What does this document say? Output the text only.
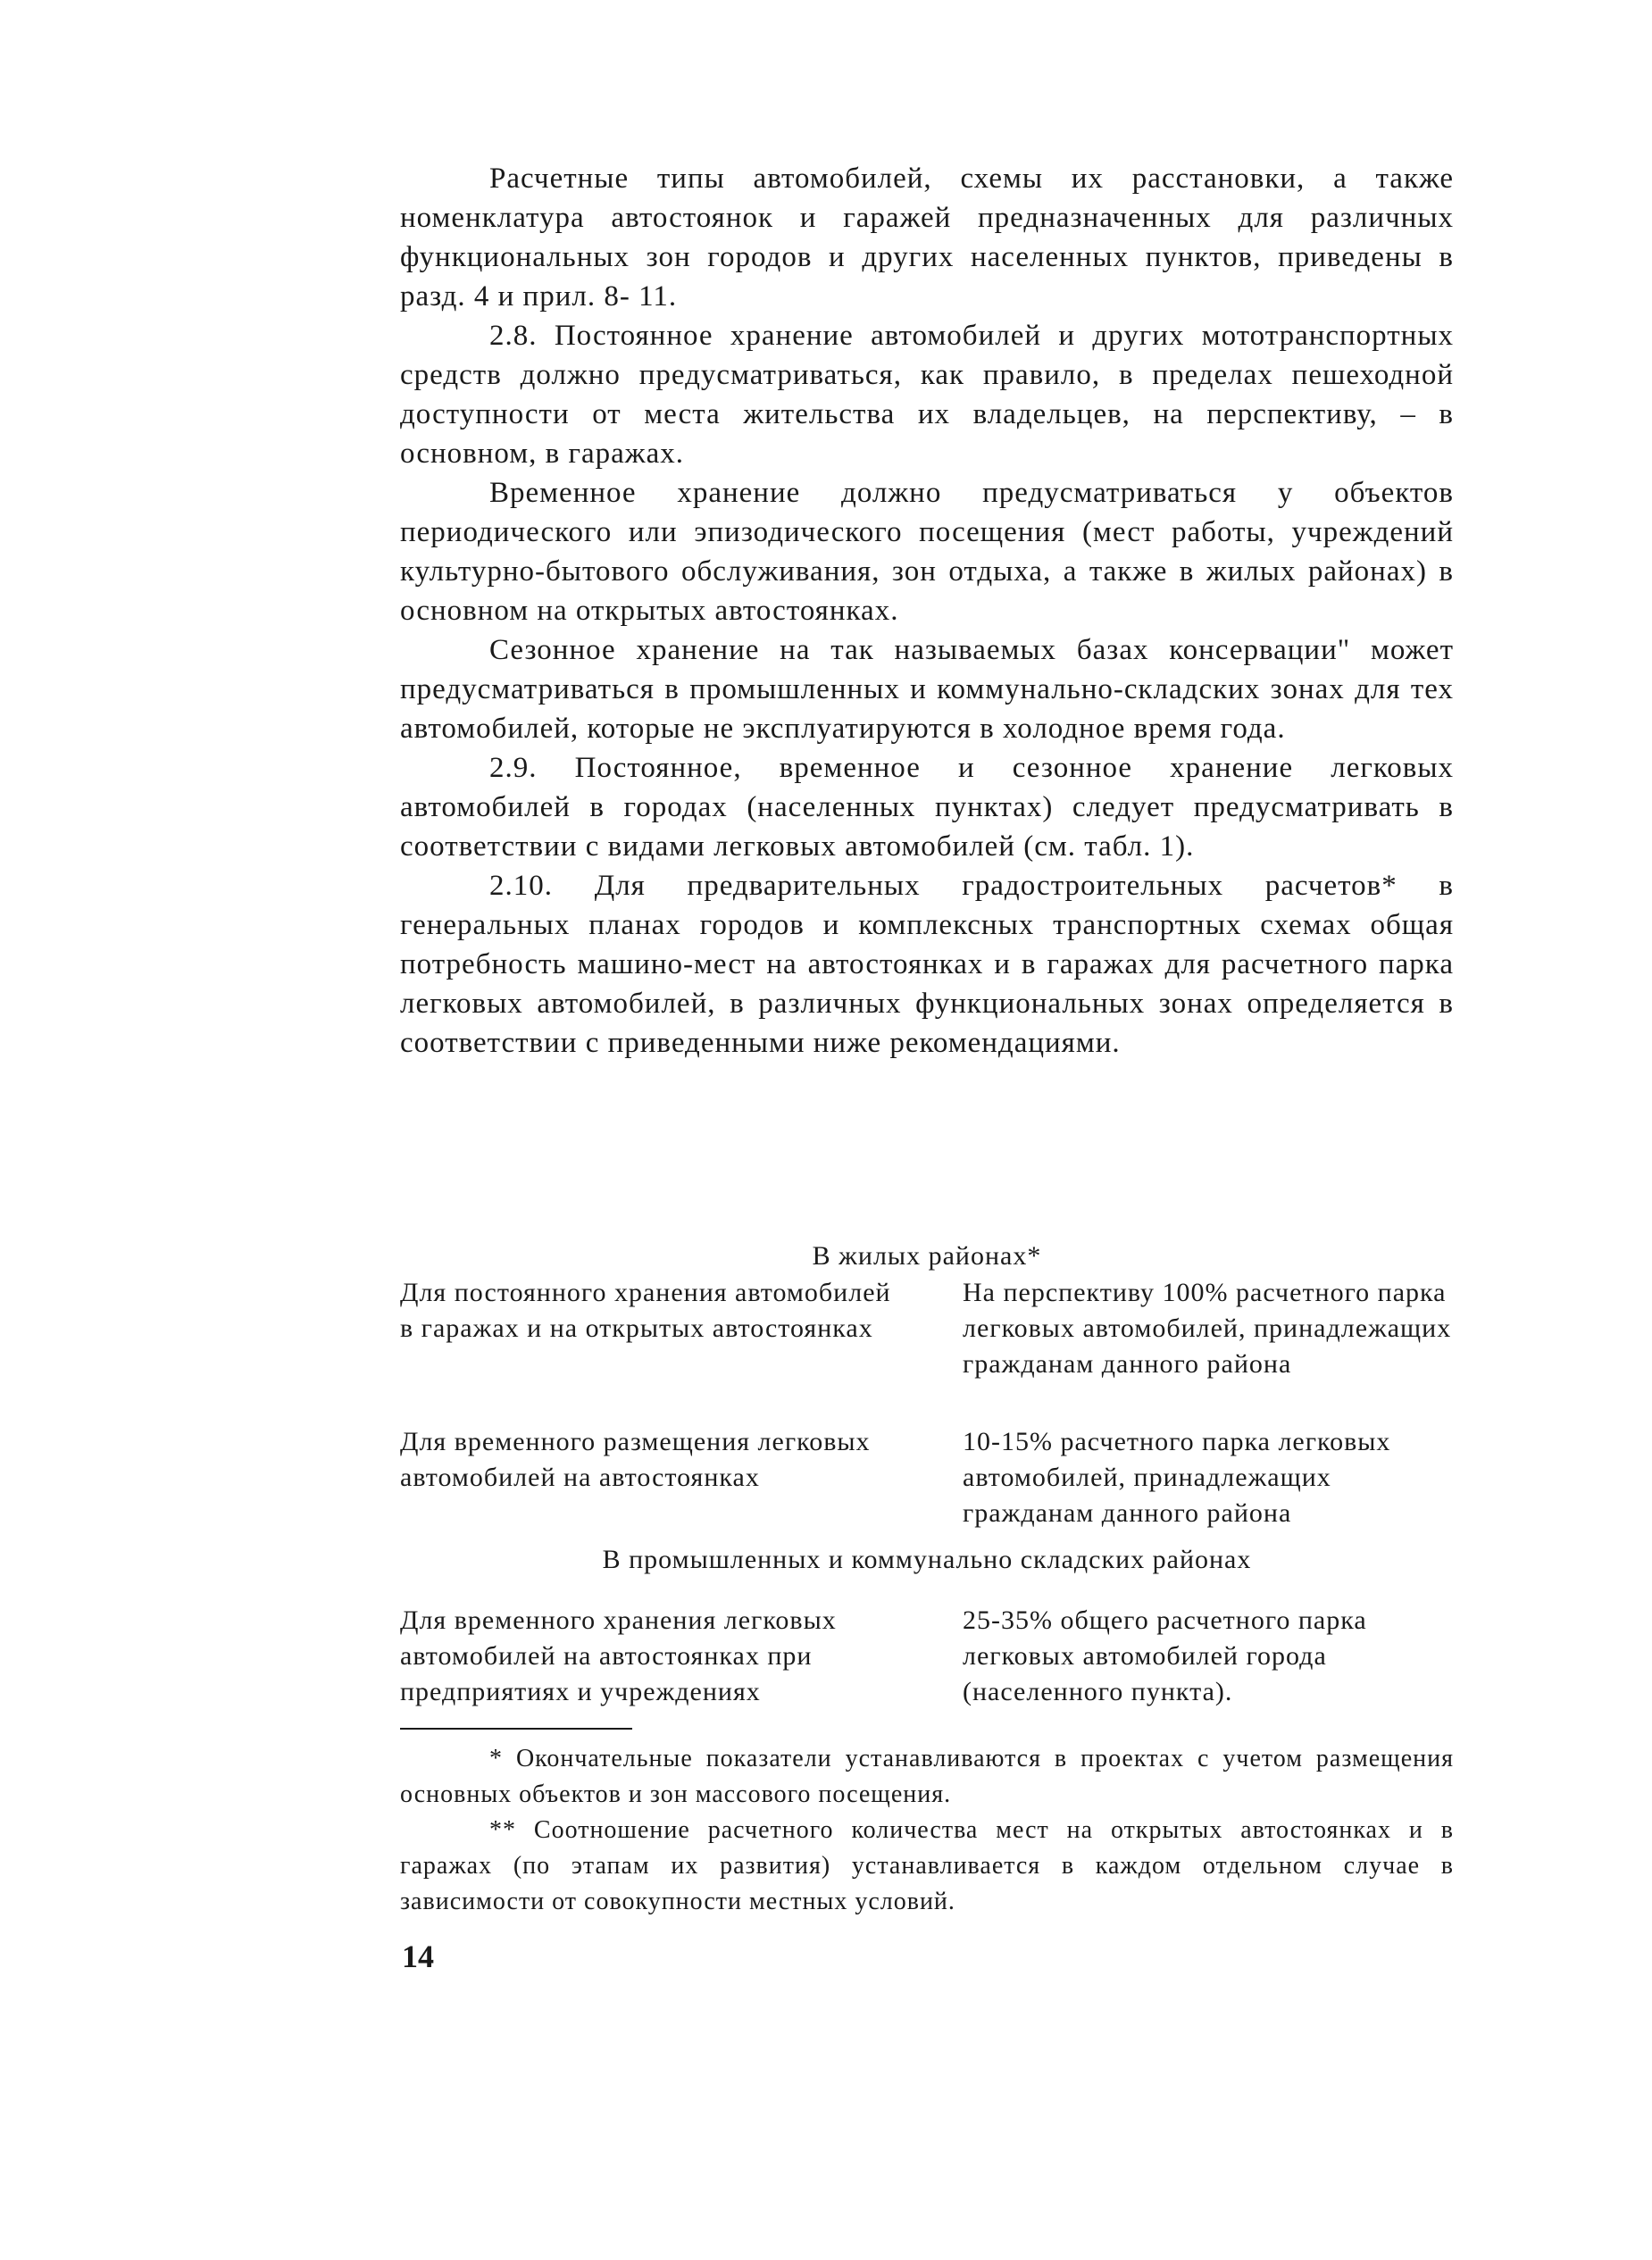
Расчетные типы автомобилей, схемы их расстановки, а также номенклатура автостоянок и гаражей предназначенных для различных функциональных зон городов и других населенных пунктов, приведены в разд. 4 и прил. 8- 11.

2.8. Постоянное хранение автомобилей и других мототранспортных средств должно предусматриваться, как правило, в пределах пешеходной доступности от места жительства их владельцев, на перспективу, – в основном, в гаражах.

Временное хранение должно предусматриваться у объектов периодического или эпизодического посещения (мест работы, учреждений культурно-бытового обслуживания, зон отдыха, а также в жилых районах) в основном на открытых автостоянках.

Сезонное хранение на так называемых базах консервации" может предусматриваться в промышленных и коммунально-складских зонах для тех автомобилей, которые не эксплуатируются в холодное время года.

2.9. Постоянное, временное и сезонное хранение легковых автомобилей в городах (населенных пунктах) следует предусматривать в соответствии с видами легковых автомобилей (см. табл. 1).

2.10. Для предварительных градостроительных расчетов* в генеральных планах городов и комплексных транспортных схемах общая потребность машино-мест на автостоянках и в гаражах для расчетного парка легковых автомобилей, в различных функциональных зонах определяется в соответствии с приведенными ниже рекомендациями.

В жилых районах*
Для постоянного хранения автомобилей в гаражах и на открытых автостоянках
На перспективу 100% расчетного парка легковых автомобилей, принадлежащих гражданам данного района
Для временного размещения легковых автомобилей на автостоянках
10-15% расчетного парка легковых автомобилей, принадлежащих гражданам данного района
В промышленных и коммунально складских районах
Для временного хранения легковых автомобилей на автостоянках при предприятиях и учреждениях
25-35% общего расчетного парка легковых автомобилей города (населенного пункта).

* Окончательные показатели устанавливаются в проектах с учетом размещения основных объектов и зон массового посещения.

** Соотношение расчетного количества мест на открытых автостоянках и в гаражах (по этапам их развития) устанавливается в каждом отдельном случае в зависимости от совокупности местных условий.

14
